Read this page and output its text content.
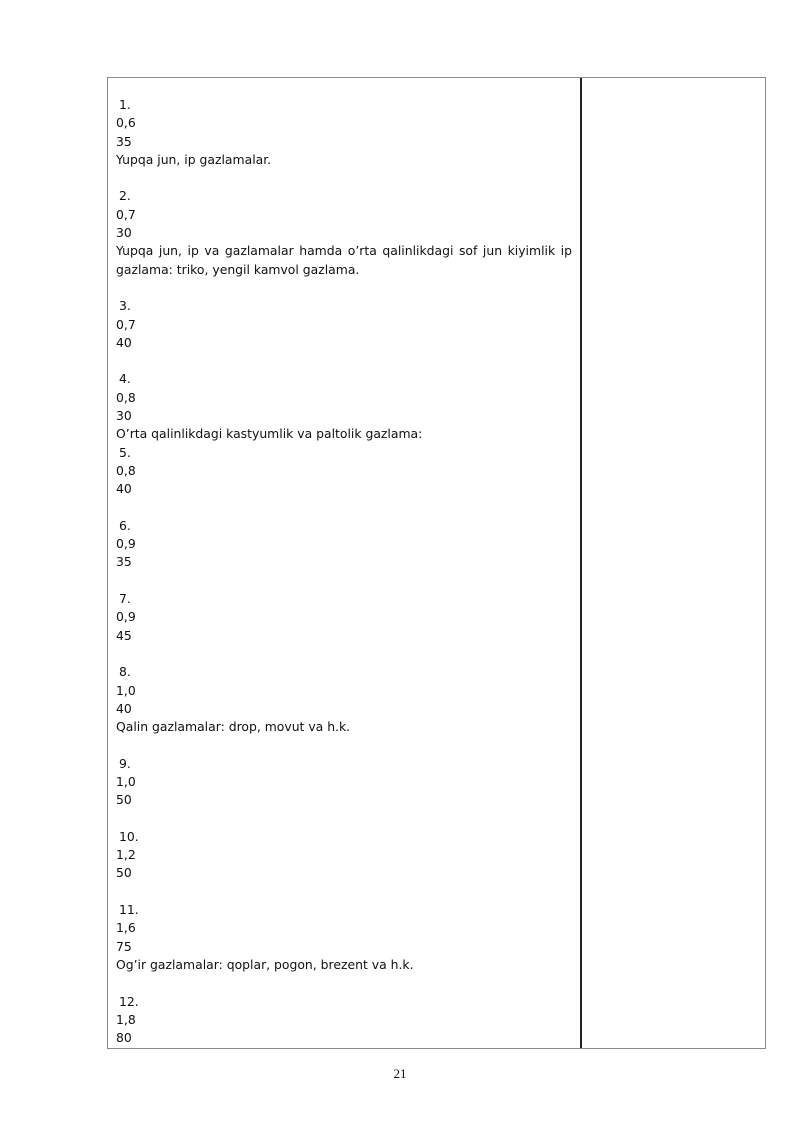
1.
0,6
35
Yupqa jun, ip gazlamalar.
2.
0,7
30
Yupqa jun, ip va gazlamalar hamda o’rta qalinlikdagi sof jun kiyimlik ip gazlama: triko, yengil kamvol gazlama.
3.
0,7
40
4.
0,8
30
O’rta qalinlikdagi kastyumlik va paltolik gazlama:
5.
0,8
40
6.
0,9
35
7.
0,9
45
8.
1,0
40
Qalin gazlamalar: drop, movut va h.k.
9.
1,0
50
10.
1,2
50
11.
1,6
75
Og’ir gazlamalar: qoplar, pogon, brezent va h.k.
12.
1,8
80
21
